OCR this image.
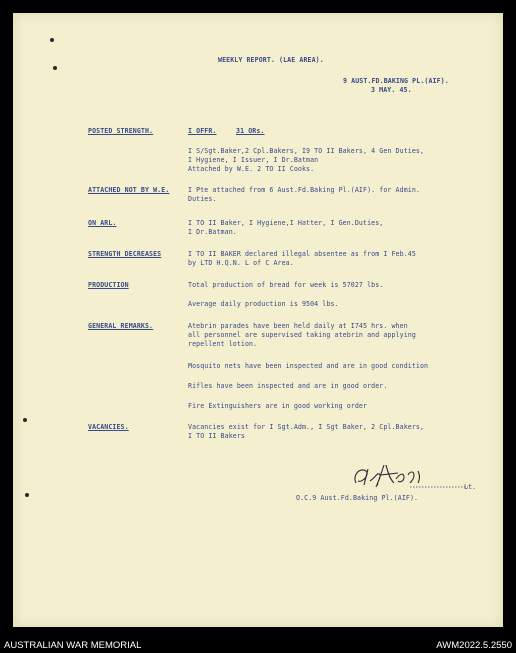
WEEKLY REPORT. (LAE AREA).
9 AUST.FD.BAKING PL.(AIF).
3 MAY. 45.
POSTED STRENGTH.	I OFFR.	31 ORs.
I S/Sgt.Baker,2 Cpl.Bakers, I9 TO II Bakers, 4 Gen Duties,
I Hygiene, I Issuer, I Dr.Batman
Attached by W.E. 2 TO II Cooks.
ATTACHED NOT BY W.E.	I Pte attached from 6 Aust.Fd.Baking Pl.(AIF). for Admin.
Duties.
ON ARL.	I TO II Baker, I Hygiene,I Hatter, I Gen.Duties,
I Dr.Batman.
STRENGTH DECREASES	I TO II BAKER declared illegal absentee as from I Feb.45
by LTD H.Q.N. L of C Area.
PRODUCTION	Total production of bread for week is 57027 lbs.
Average daily production is 9504 lbs.
GENERAL REMARKS.	Atebrin parades have been held daily at I745 hrs. when
all personnel are supervised taking atebrin and applying
repellent lotion.
Mosquito nets have been inspected and are in good condition
Rifles have been inspected and are in good order.
Fire Extinguishers are in good working order
VACANCIES.	Vacancies exist for I Sgt.Adm., I Sgt Baker, 2 Cpl.Bakers,
I TO II Bakers
Lt.
O.C.9 Aust.Fd.Baking Pl.(AIF).
AUSTRALIAN WAR MEMORIAL	AWM2022.5.2550
